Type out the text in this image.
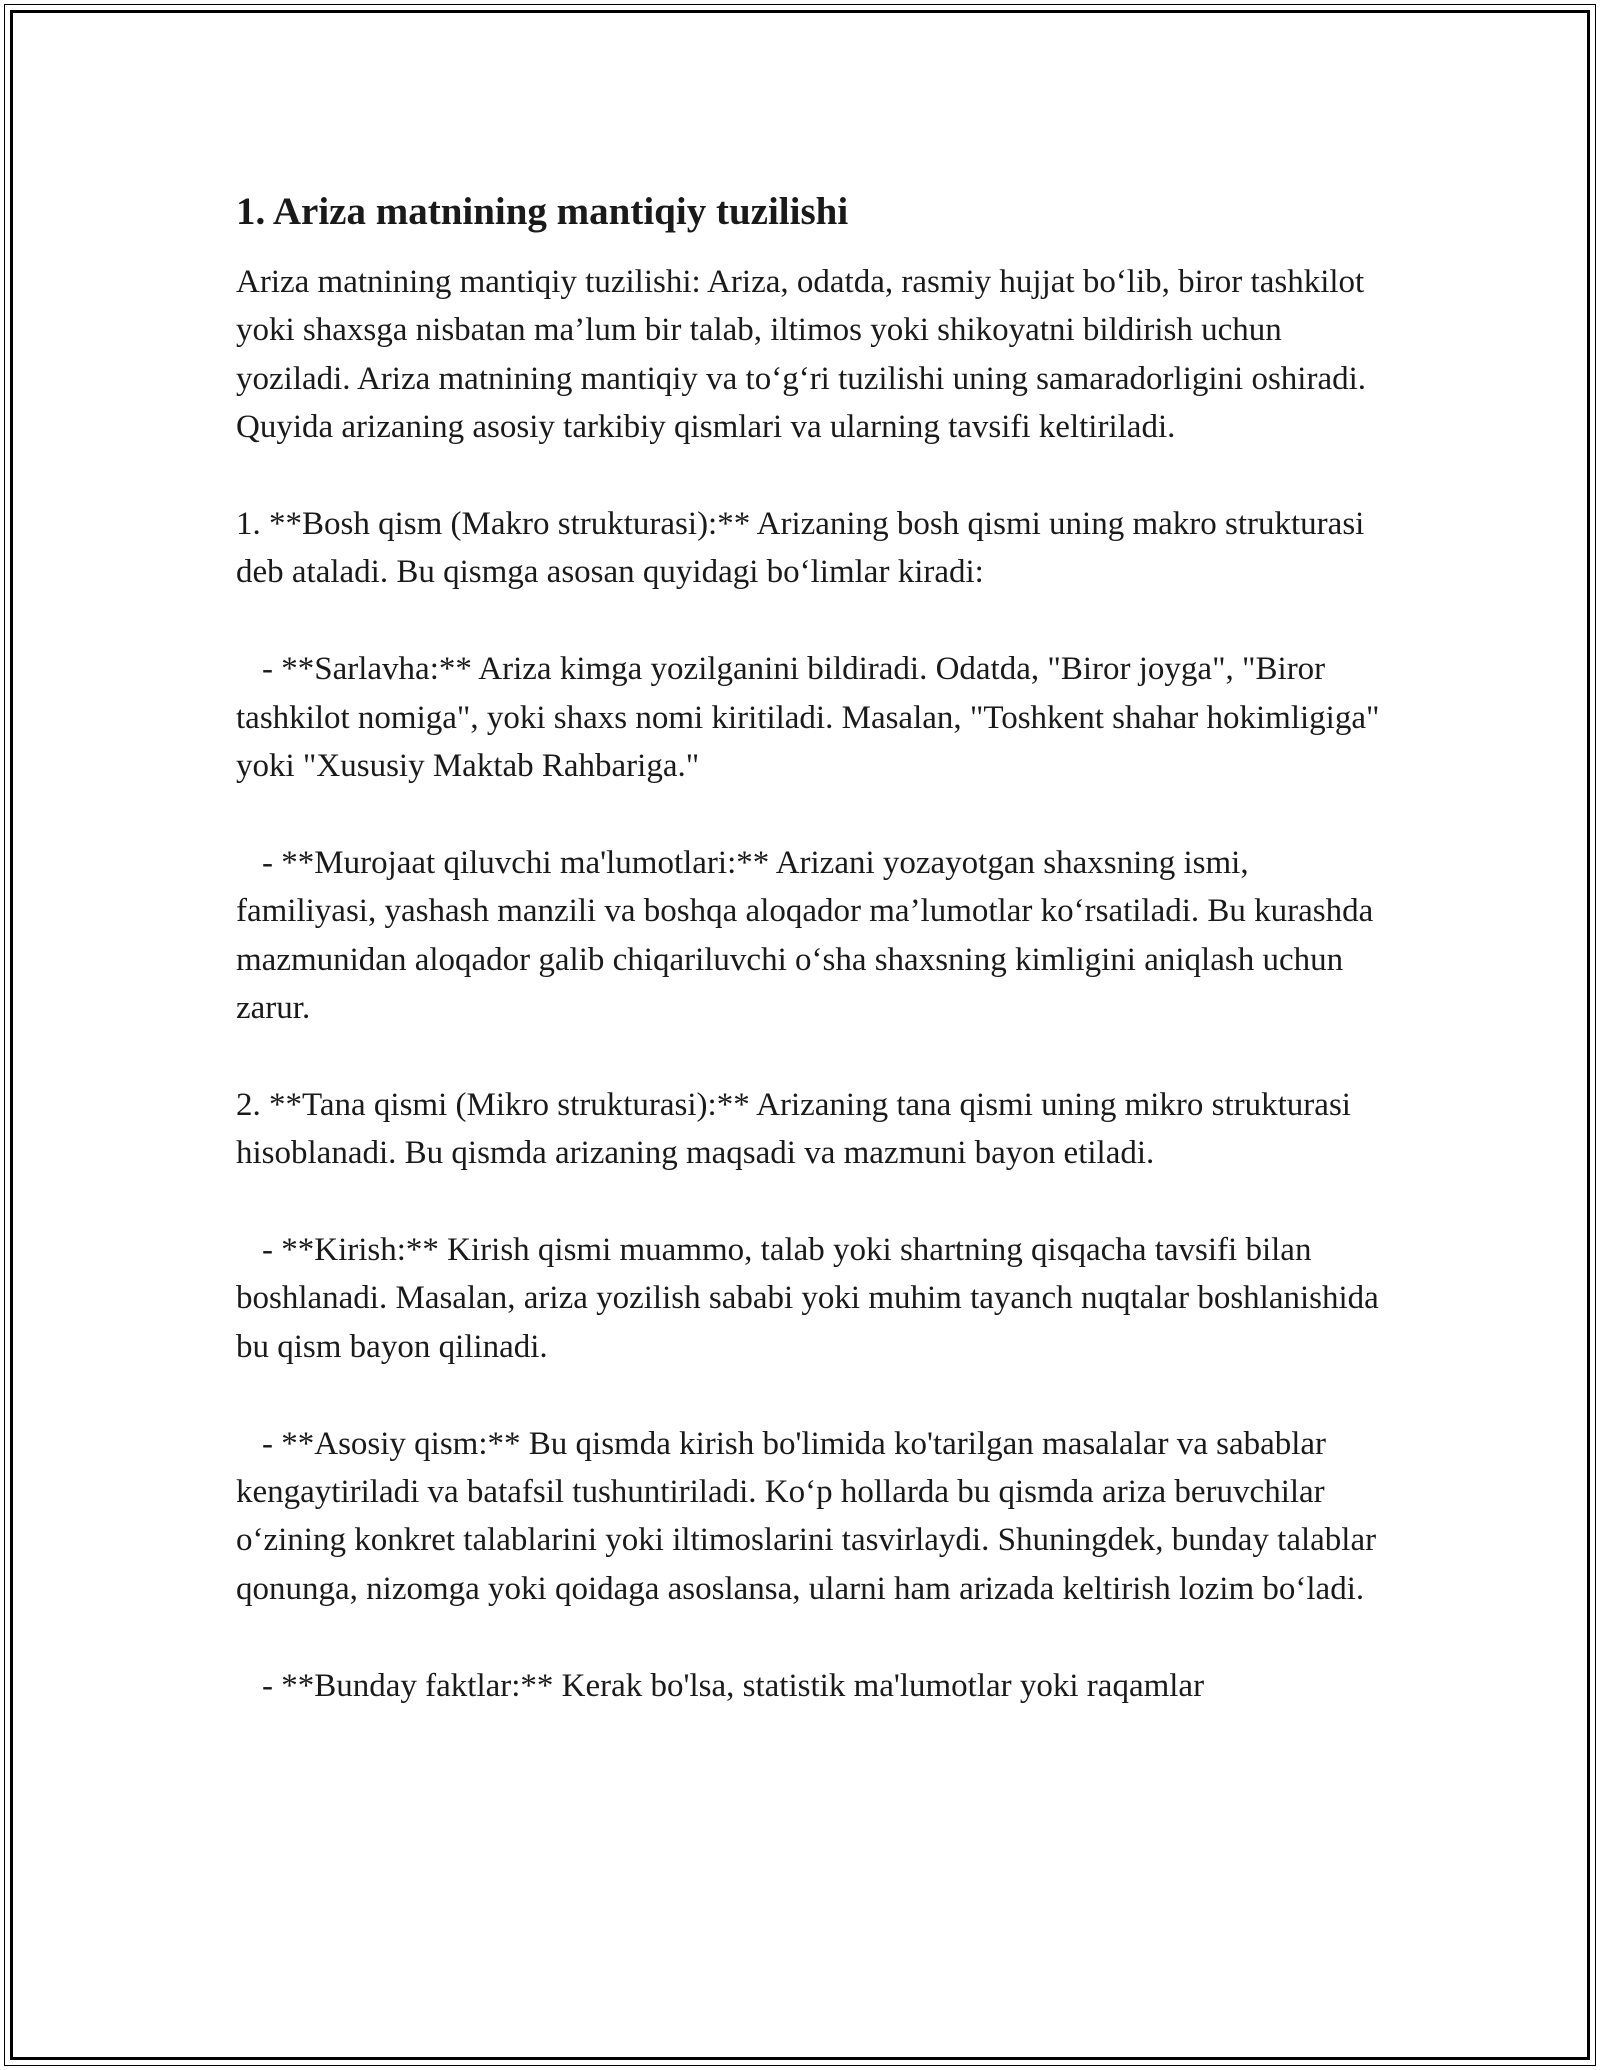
1. Ariza matnining mantiqiy tuzilishi

Ariza matnining mantiqiy tuzilishi: Ariza, odatda, rasmiy hujjat bo‘lib, biror tashkilot yoki shaxsga nisbatan ma’lum bir talab, iltimos yoki shikoyatni bildirish uchun yoziladi. Ariza matnining mantiqiy va to‘g‘ri tuzilishi uning samaradorligini oshiradi. Quyida arizaning asosiy tarkibiy qismlari va ularning tavsifi keltiriladi.

1. **Bosh qism (Makro strukturasi):** Arizaning bosh qismi uning makro strukturasi deb ataladi. Bu qismga asosan quyidagi bo‘limlar kiradi:

- **Sarlavha:** Ariza kimga yozilganini bildiradi. Odatda, "Biror joyga", "Biror tashkilot nomiga", yoki shaxs nomi kiritiladi. Masalan, "Toshkent shahar hokimligiga" yoki "Xususiy Maktab Rahbariga."

- **Murojaat qiluvchi ma'lumotlari:** Arizani yozayotgan shaxsning ismi, familiyasi, yashash manzili va boshqa aloqador ma’lumotlar ko‘rsatiladi. Bu kurashda mazmunidan aloqador galib chiqariluvchi o‘sha shaxsning kimligini aniqlash uchun zarur.

2. **Tana qismi (Mikro strukturasi):** Arizaning tana qismi uning mikro strukturasi hisoblanadi. Bu qismda arizaning maqsadi va mazmuni bayon etiladi.

- **Kirish:** Kirish qismi muammo, talab yoki shartning qisqacha tavsifi bilan boshlanadi. Masalan, ariza yozilish sababi yoki muhim tayanch nuqtalar boshlanishida bu qism bayon qilinadi.

- **Asosiy qism:** Bu qismda kirish bo'limida ko'tarilgan masalalar va sabablar kengaytiriladi va batafsil tushuntiriladi. Ko‘p hollarda bu qismda ariza beruvchilar o‘zining konkret talablarini yoki iltimoslarini tasvirlaydi. Shuningdek, bunday talablar qonunga, nizomga yoki qoidaga asoslansa, ularni ham arizada keltirish lozim bo‘ladi.

- **Bunday faktlar:** Kerak bo'lsa, statistik ma'lumotlar yoki raqamlar
